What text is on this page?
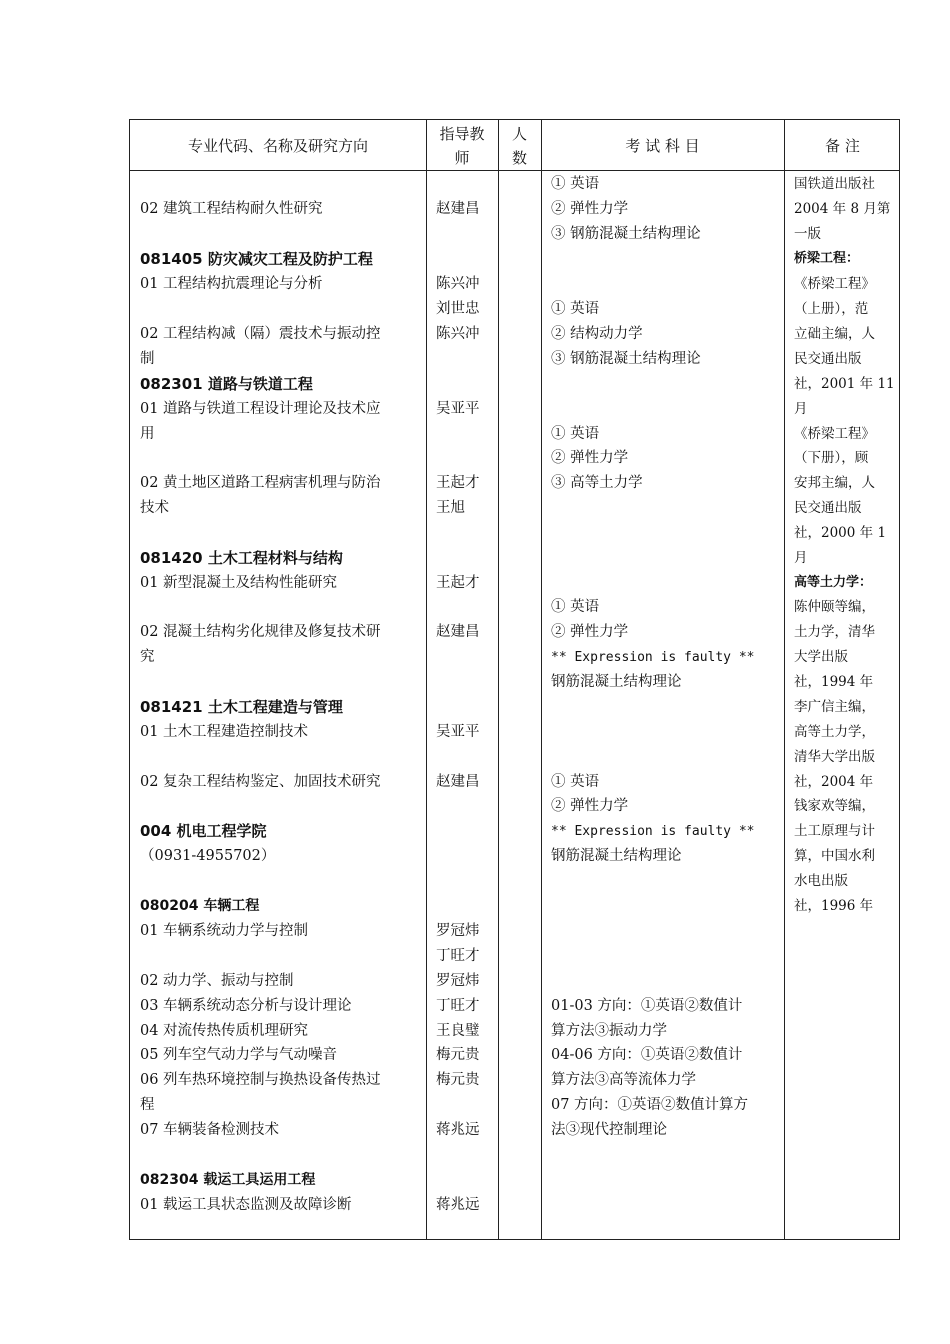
专业代码、名称及研究方向
指导教
师
人
数
考 试 科 目	备 注
02 建筑工程结构耐久性研究
081405 防灾减灾工程及防护工程
01 工程结构抗震理论与分析
02 工程结构减（隔）震技术与振动控
制
082301 道路与铁道工程
01 道路与铁道工程设计理论及技术应
用
02 黄土地区道路工程病害机理与防治
技术
081420 土木工程材料与结构
01 新型混凝土及结构性能研究
02 混凝土结构劣化规律及修复技术研
究
081421 土木工程建造与管理
01 土木工程建造控制技术
02 复杂工程结构鉴定、加固技术研究
004 机电工程学院
（0931-4955702）
080204 车辆工程
01 车辆系统动力学与控制
02 动力学、振动与控制
03 车辆系统动态分析与设计理论
04 对流传热传质机理研究
05 列车空气动力学与气动噪音
06 列车热环境控制与换热设备传热过
程
07 车辆装备检测技术
082304 载运工具运用工程
01 载运工具状态监测及故障诊断
赵建昌
陈兴冲
刘世忠
陈兴冲
吴亚平
王起才
王旭
王起才
赵建昌
吴亚平
赵建昌
罗冠炜
丁旺才
罗冠炜
丁旺才
王良璧
梅元贵
梅元贵
蒋兆远
蒋兆远
① 英语
② 弹性力学
③ 钢筋混凝土结构理论
① 英语
② 结构动力学
③ 钢筋混凝土结构理论
① 英语
② 弹性力学
③ 高等土力学
① 英语
② 弹性力学
** Expression is faulty **
钢筋混凝土结构理论
① 英语
② 弹性力学
** Expression is faulty **
钢筋混凝土结构理论
01-03 方向：①英语②数值计
算方法③振动力学
04-06 方向：①英语②数值计
算方法③高等流体力学
07 方向：①英语②数值计算方
法③现代控制理论
国铁道出版社
2004 年 8 月第
一版
桥梁工程：
《桥梁工程》
（上册），范
立础主编，人
民交通出版
社，2001 年 11
月
《桥梁工程》
（下册），顾
安邦主编，人
民交通出版
社，2000 年 1
月
高等土力学：
陈仲颐等编，
土力学，清华
大学出版
社，1994 年
李广信主编，
高等土力学，
清华大学出版
社，2004 年
钱家欢等编，
土工原理与计
算，中国水利
水电出版
社，1996 年
